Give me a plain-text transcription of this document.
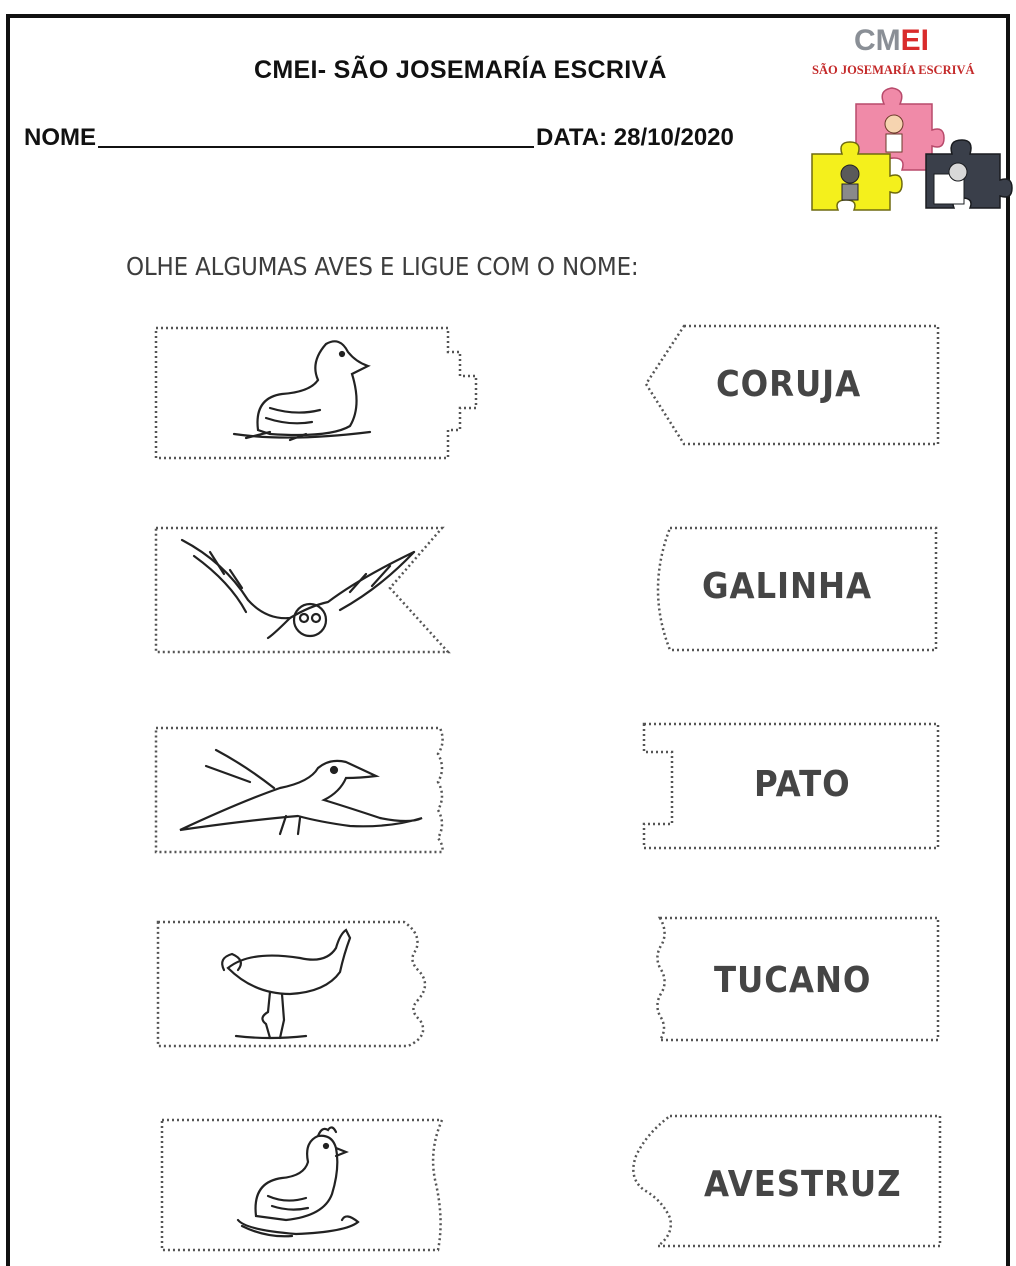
CMEI- SÃO JOSEMARÍA ESCRIVÁ
NOME	DATA: 28/10/2020
CMEI
SÃO JOSEMARÍA ESCRIVÁ
OLHE ALGUMAS AVES E LIGUE COM O NOME:
CORUJA
GALINHA
PATO
TUCANO
AVESTRUZ
